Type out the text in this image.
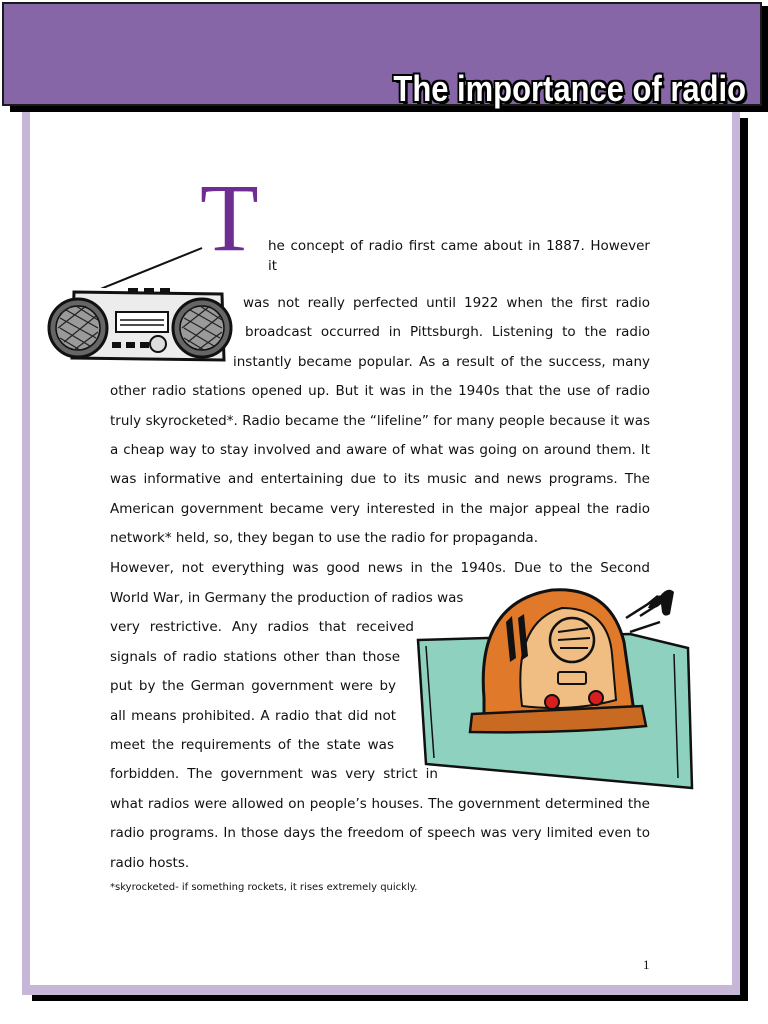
The importance of radio
T he concept of radio first came about in 1887. However it

was not really perfected until 1922 when the first radio

broadcast occurred in Pittsburgh. Listening to the radio

instantly became popular. As a result of the success, many

other radio stations opened up. But it was in the 1940s that the use of radio

truly skyrocketed*. Radio became the “lifeline” for many people because it was

a cheap way to stay involved and aware of what was going on around them. It

was informative and entertaining due to its music and news programs. The

American government became very interested in the major appeal the radio

network* held, so, they began to use the radio for propaganda.

However, not everything was good news in the 1940s. Due to the Second

World War, in Germany the production of radios was

very restrictive. Any radios that received

signals of radio stations other than those

put by the German government were by

all means prohibited. A radio that did not

meet the requirements of the state was

forbidden. The government was very strict in

what radios were allowed on people’s houses. The government determined the

radio programs. In those days the freedom of speech was very limited even to

radio hosts.

*skyrocketed- if something rockets, it rises extremely quickly.
1
